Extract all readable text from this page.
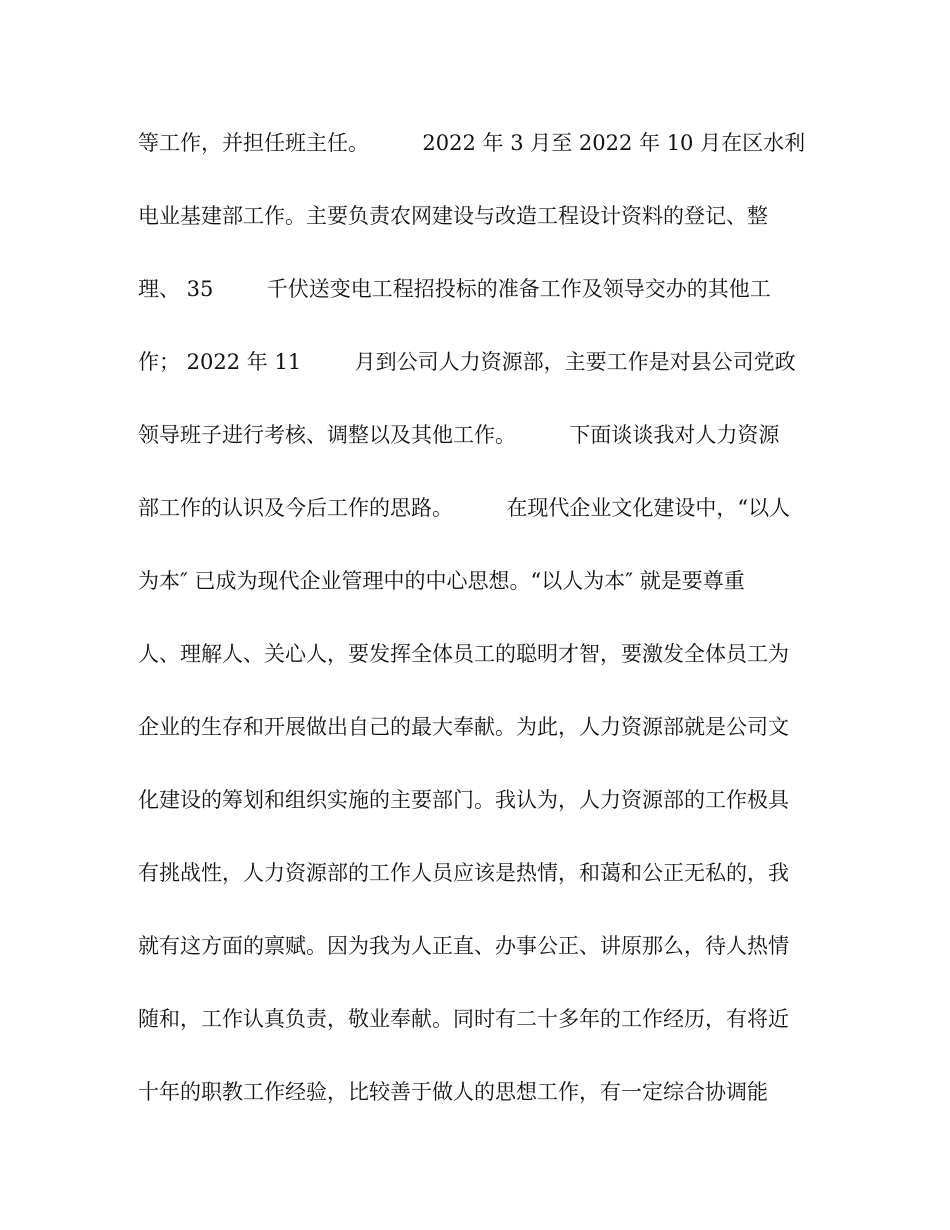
等工作，并担任班主任。        2022 年 3 月至 2022 年 10 月在区水利
电业基建部工作。主要负责农网建设与改造工程设计资料的登记、整
理、 35        千伏送变电工程招投标的准备工作及领导交办的其他工
作； 2022 年 11        月到公司人力资源部，主要工作是对县公司党政
领导班子进行考核、调整以及其他工作。        下面谈谈我对人力资源
部工作的认识及今后工作的思路。        在现代企业文化建设中，“以人
为本″ 已成为现代企业管理中的中心思想。“以人为本″ 就是要尊重
人、理解人、关心人，要发挥全体员工的聪明才智，要激发全体员工为
企业的生存和开展做出自己的最大奉献。为此，人力资源部就是公司文
化建设的筹划和组织实施的主要部门。我认为，人力资源部的工作极具
有挑战性，人力资源部的工作人员应该是热情，和蔼和公正无私的，我
就有这方面的禀赋。因为我为人正直、办事公正、讲原那么，待人热情
随和，工作认真负责，敬业奉献。同时有二十多年的工作经历，有将近
十年的职教工作经验，比较善于做人的思想工作，有一定综合协调能
